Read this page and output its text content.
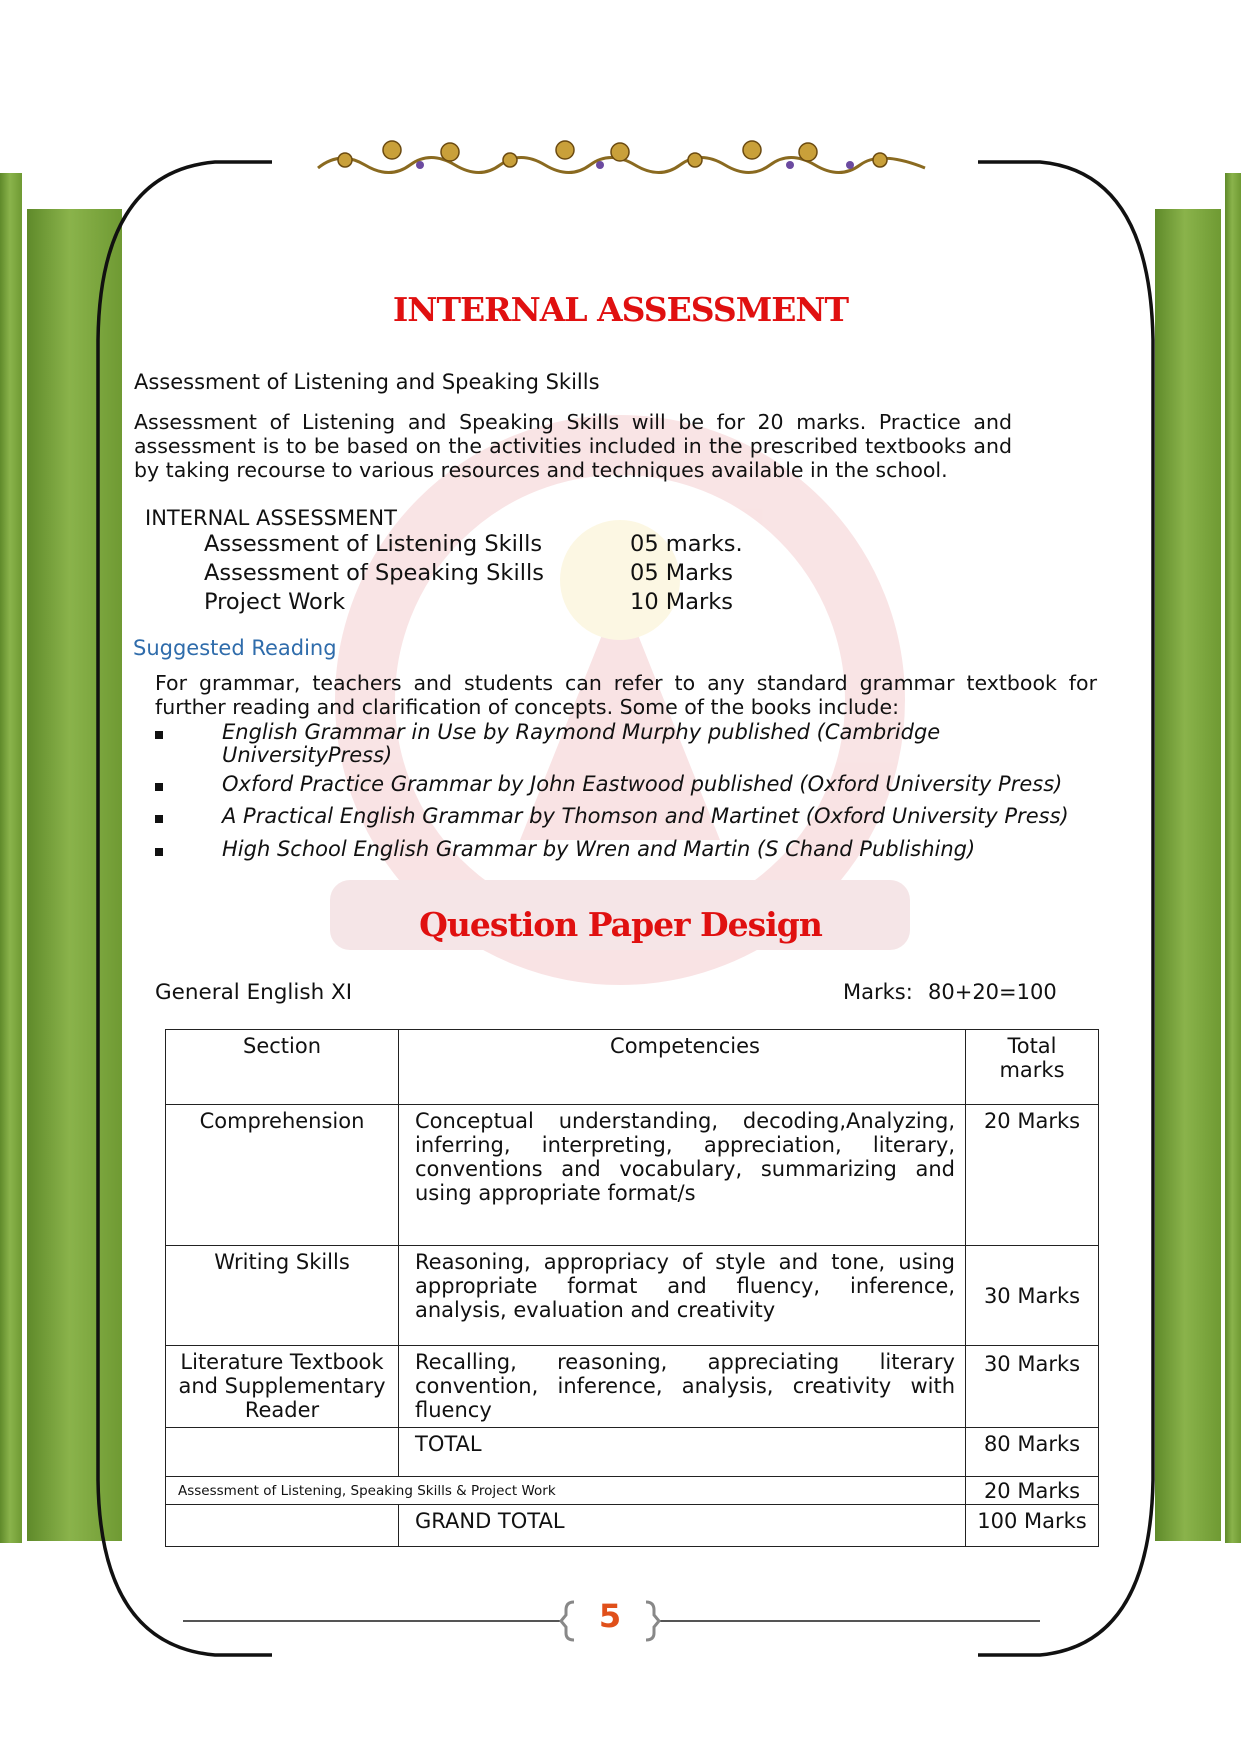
INTERNAL ASSESSMENT
Assessment of Listening and Speaking Skills
Assessment of Listening and Speaking Skills will be for 20 marks. Practice and assessment is to be based on the activities included in the prescribed textbooks and by taking recourse to various resources and techniques available in the school.
INTERNAL ASSESSMENT
Assessment of Listening Skills	05 marks.
Assessment of Speaking Skills	05 Marks
Project Work	10 Marks
Suggested Reading
For grammar, teachers and students can refer to any standard grammar textbook for further reading and clarification of concepts. Some of the books include:
English Grammar in Use by Raymond Murphy published (Cambridge UniversityPress)
Oxford Practice Grammar by John Eastwood published (Oxford University Press)
A Practical English Grammar by Thomson and Martinet (Oxford University Press)
High School English Grammar by Wren and Martin (S Chand Publishing)
Question Paper Design
General English XI	Marks: 80+20=100
Section	Competencies	Total marks

Comprehension	Conceptual understanding, decoding,Analyzing, inferring, interpreting, appreciation, literary, conventions and vocabulary, summarizing and using appropriate format/s	20 Marks

Writing Skills	Reasoning, appropriacy of style and tone, using appropriate format and fluency, inference, analysis, evaluation and creativity	30 Marks

Literature Textbook and Supplementary Reader	Recalling, reasoning, appreciating literary convention, inference, analysis, creativity with fluency	30 Marks

	TOTAL	80 Marks

Assessment of Listening, Speaking Skills & Project Work		20 Marks

	GRAND TOTAL	100 Marks
5
